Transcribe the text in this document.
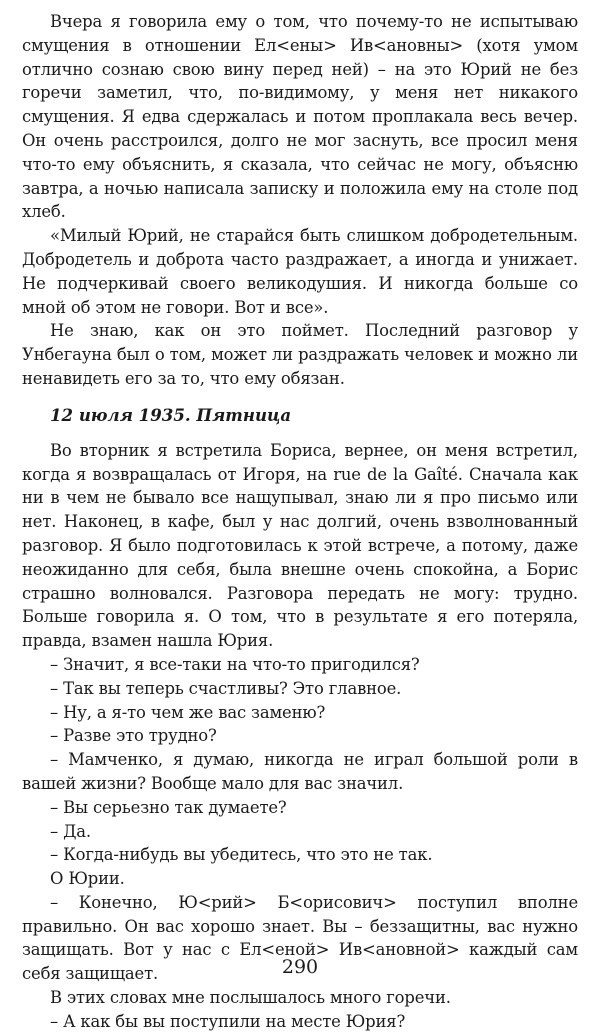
Вчера я говорила ему о том, что почему-то не испытываю смущения в отношении Ел<ены> Ив<ановны> (хотя умом отлично сознаю свою вину перед ней) – на это Юрий не без горечи заметил, что, по-видимому, у меня нет никакого смущения. Я едва сдержалась и потом проплакала весь вечер. Он очень расстроился, долго не мог заснуть, все просил меня что-то ему объяснить, я сказала, что сейчас не могу, объясню завтра, а ночью написала записку и положила ему на столе под хлеб.

«Милый Юрий, не старайся быть слишком добродетельным. Добродетель и доброта часто раздражает, а иногда и унижает. Не подчеркивай своего великодушия. И никогда больше со мной об этом не говори. Вот и все».

Не знаю, как он это поймет. Последний разговор у Унбегауна был о том, может ли раздражать человек и можно ли ненавидеть его за то, что ему обязан.

12 июля 1935. Пятница

Во вторник я встретила Бориса, вернее, он меня встретил, когда я возвращалась от Игоря, на rue de la Gaîté. Сначала как ни в чем не бывало все нащупывал, знаю ли я про письмо или нет. Наконец, в кафе, был у нас долгий, очень взволнованный разговор. Я было подготовилась к этой встрече, а потому, даже неожиданно для себя, была внешне очень спокойна, а Борис страшно волновался. Разговора передать не могу: трудно. Больше говорила я. О том, что в результате я его потеряла, правда, взамен нашла Юрия.

– Значит, я все-таки на что-то пригодился?

– Так вы теперь счастливы? Это главное.

– Ну, а я-то чем же вас заменю?

– Разве это трудно?

– Мамченко, я думаю, никогда не играл большой роли в вашей жизни? Вообще мало для вас значил.

– Вы серьезно так думаете?

– Да.

– Когда-нибудь вы убедитесь, что это не так.

О Юрии.

– Конечно, Ю<рий> Б<орисович> поступил вполне правильно. Он вас хорошо знает. Вы – беззащитны, вас нужно защищать. Вот у нас с Ел<еной> Ив<ановной> каждый сам себя защищает.

В этих словах мне послышалось много горечи.

– А как бы вы поступили на месте Юрия?

290
